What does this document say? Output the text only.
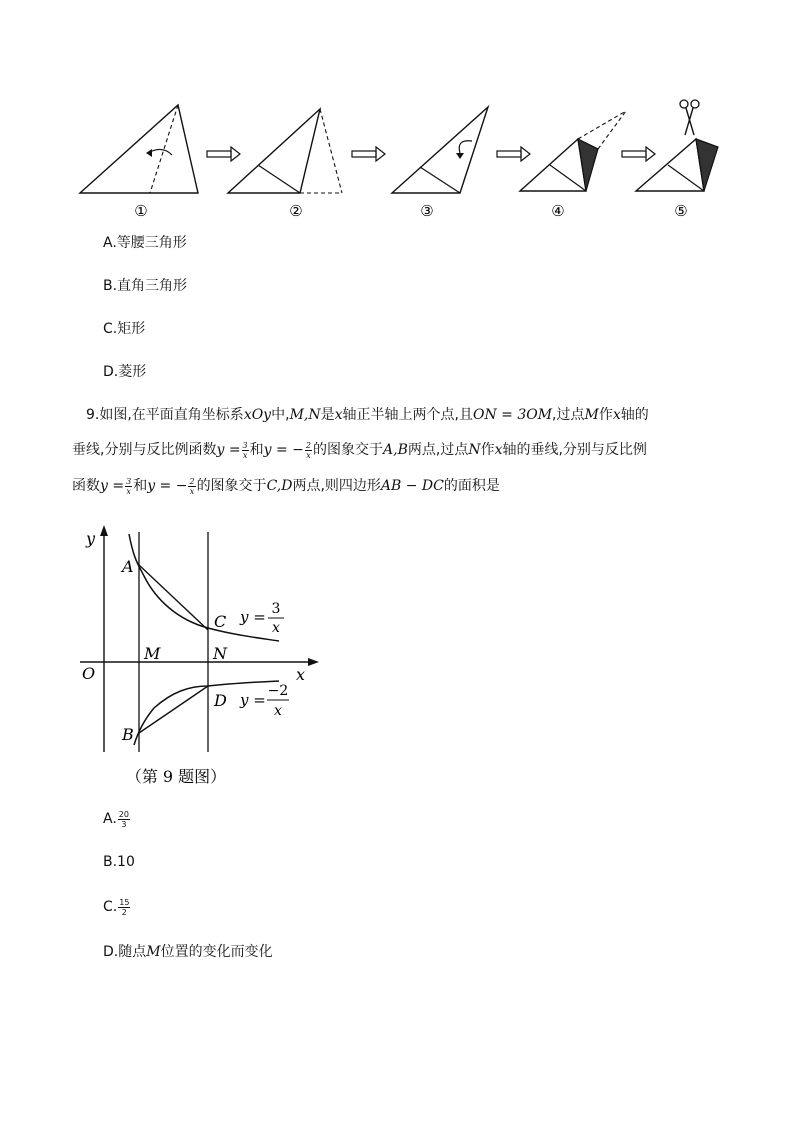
①	②	③	④	⑤
A.等腰三角形
B.直角三角形
C.矩形
D.菱形
9.如图,在平面直角坐标系xOy中,M,N是x轴正半轴上两个点,且ON = 3OM,过点M作x轴的
垂线,分别与反比例函数$y = \frac{3}{x}$ 和y = − $\frac{2}{x}$ 的图象交于A,B两点,过点N作x轴的垂线,分别与反比例
函数$y = \frac{3}{x}$ 和y = − $\frac{2}{x}$ 的图象交于C,D两点,则四边形AB − DC的面积是
y
x
O
A
B
C
D
M	N
y = 3
x
y = −2
x
（第 9 题图）
A. $\frac{20}{3}$
B.10
C. $\frac{15}{2}$
D.随点M位置的变化而变化
